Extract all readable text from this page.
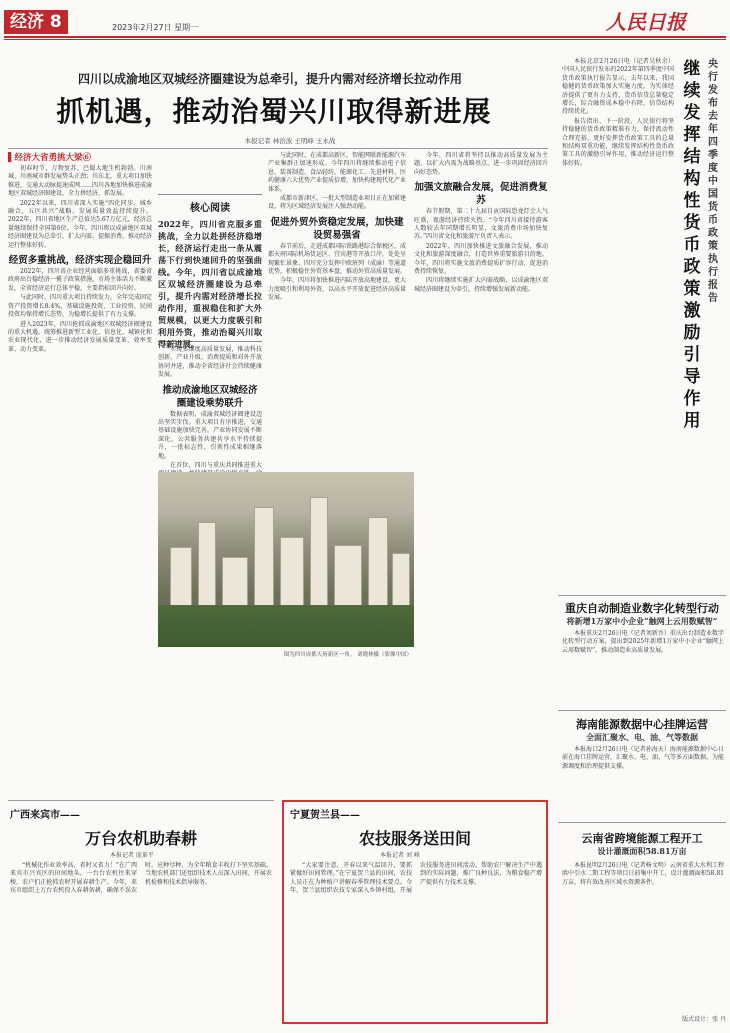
经济 8	2023年2月27日 星期一	人民日报
四川以成渝地区双城经济圈建设为总牵引，提升内需对经济增长拉动作用
抓机遇，推动治蜀兴川取得新进展
本报记者 林治波 王明峰 王永战

▌经济大省勇挑大梁⑥

初春时节，万物复苏，巴蜀大地生机勃勃。川南城、川南城市群发展势头正劲；川东北，重大项目加快推进，交通大动脉提速成网……四川各地加快推进成渝地区双城经济圈建设，全力拼经济、抓发展。

2022年以来，四川省深入实施“四化同步、城乡融合、五区共兴”战略，发展质量效益持续提升。2022年，四川省地区生产总值达5.67万亿元，经济总量继续保持全国第6位。今年，四川将以成渝地区双城经济圈建设为总牵引，扩大内需、提振消费，推动经济运行整体好转。

经贸多重挑战，经济实现企稳回升

2022年，四川省企业经营面临多重挑战，省委省政府出台稳经济一揽子政策措施，市场主体活力不断激发，全省经济运行总体平稳，主要指标回升向好。

与此同时，四川重大项目持续发力，全年完成固定资产投资增长8.4%，基础设施投资、工业投资、民间投资均保持增长态势，为稳增长提供了有力支撑。

进入2023年，四川抢抓成渝地区双城经济圈建设的重大机遇，统筹推进新型工业化、信息化、城镇化和农业现代化，进一步推动经济发展质量变革、效率变革、动力变革。

核心阅读
2022年，四川省克服多重挑战，全力以赴拼经济稳增长，经济运行走出一条从震荡下行到快速回升的坚强曲线。今年，四川省以成渝地区双城经济圈建设为总牵引，提升内需对经济增长拉动作用，重视稳住和扩大外贸规模，以更大力度吸引和利用外资，推动治蜀兴川取得新进展。

实现多维度高质量发展，推动科技创新、产业升级、消费提质和对外开放协同并进，推动全省经济社会持续健康发展。

推动成渝地区双城经济圈建设乘势联升

数据表明，成渝双城经济圈建设迈出坚实步伐。重大项目有序推进，交通基础设施加快完善，产业协同发展不断深化，公共服务共建共享水平持续提升，一批标志性、引领性成果相继落地。

在首位，四川与重庆共同推进重大

与此同时，在成都高新区，智能网联新能源汽车产业集群正加速形成。今年四川将继续推动电子信息、装备制造、食品轻纺、能源化工、先进材料、医药健康六大优势产业提质倍增，加快构建现代化产业体系。

成都市新津区，一批大型制造业项目正在加紧建设，将为区域经济发展注入强劲动能。

促进外贸外资稳定发展，加快建设贸易强省

春节前后，走进成都国际铁路港综合保税区，成都天府国际机场货运区、宜宾港等开放口岸，处处呈现繁忙景象。四川充分发挥中欧班列（成渝）等通道优势，积极稳住外贸基本盘，推动外贸高质量发展。

今年，四川将加快推进内陆开放高地建设，更大力度吸引和利用外资，以高水平开放促进经济高质量发展。

今年，四川省将坚持以推动高质量发展为主题，以扩大内需为战略基点，进一步巩固经济回升向好态势。

加强文旅融合发展，促进消费复苏

春节假期，第二十九届自贡国际恐龙灯会人气旺盛，夜游经济持续火热。“今年四川省接待游客人数较去年同期增长明显，文旅消费市场加快复苏。”四川省文化和旅游厅负责人表示。

2022年，四川加快推进文旅融合发展，推动文化和旅游深度融合，打造世界重要旅游目的地。今年，四川将实施文旅消费提质扩容行动，促进消费持续恢复。

四川将继续实施扩大内需战略，以成渝地区双城经济圈建设为牵引，持续增强发展新动能。

图为四川成都天府新区一角。 刘晓林摄（影像中国）
央行发布去年四季度中国货币政策执行报告
继续发挥结构性货币政策激励引导作用

本报北京2月26日电（记者吴秋余）中国人民银行发布的2022年第四季度中国货币政策执行报告显示，去年以来，我国稳健的货币政策加大实施力度，为实体经济提供了更有力支持，货币信贷总量稳定增长，综合融资成本稳中有降，信贷结构持续优化。

报告指出，下一阶段，人民银行将坚持稳健的货币政策精准有力，保持流动性合理充裕，更好发挥货币政策工具的总量和结构双重功能，继续发挥结构性货币政策工具的激励引导作用，推动经济运行整体好转。

重庆自动制造业数字化转型行动
将新增1万家中小企业“触网上云用数赋智”

本报重庆2月26日电（记者刘新吾）重庆出台制造业数字化转型行动方案，提出到2025年新增1万家中小企业“触网上云用数赋智”，推动制造业高质量发展。

海南能源数据中心挂牌运营
全面汇聚水、电、油、气等数据

本报海口2月26日电（记者孙海天）海南能源数据中心日前在海口挂牌运营，汇聚水、电、油、气等多方面数据，为能源调度和治理提供支撑。

云南省跨境能源工程开工
设计灌溉面积58.81万亩

本报昆明2月26日电（记者杨文明）云南省重大水利工程滇中引水二期工程等项目日前集中开工，设计灌溉面积58.81万亩，将有效改善区域水资源条件。

版式设计：张 丹
广西来宾市——
万台农机助春耕
本报记者 庞革平

“机械化作业效率高，省时又省力！”在广西来宾市兴宾区的田间地头，一台台农机往来穿梭，农户们正抢抓农时开展春耕生产。今年，来宾市组织上万台农机投入春耕备耕，确保不误农时、应种尽种，为全年粮食丰收打下坚实基础。当地农机部门还组织技术人员深入田间，开展农机检修和技术指导服务。

宁夏贺兰县——
农技服务送田间
本报记者 刘 峰

“大家要注意，开春以来气温回升，要抓紧做好田间管理。”在宁夏贺兰县的田间，农技人员正在为种植户讲解春季管理技术要点。今年，贺兰县组织农技专家深入乡镇村组，开展农技服务进田间活动，帮助农户解决生产中遇到的实际问题，推广良种良法，为粮食稳产增产提供有力技术支撑。
